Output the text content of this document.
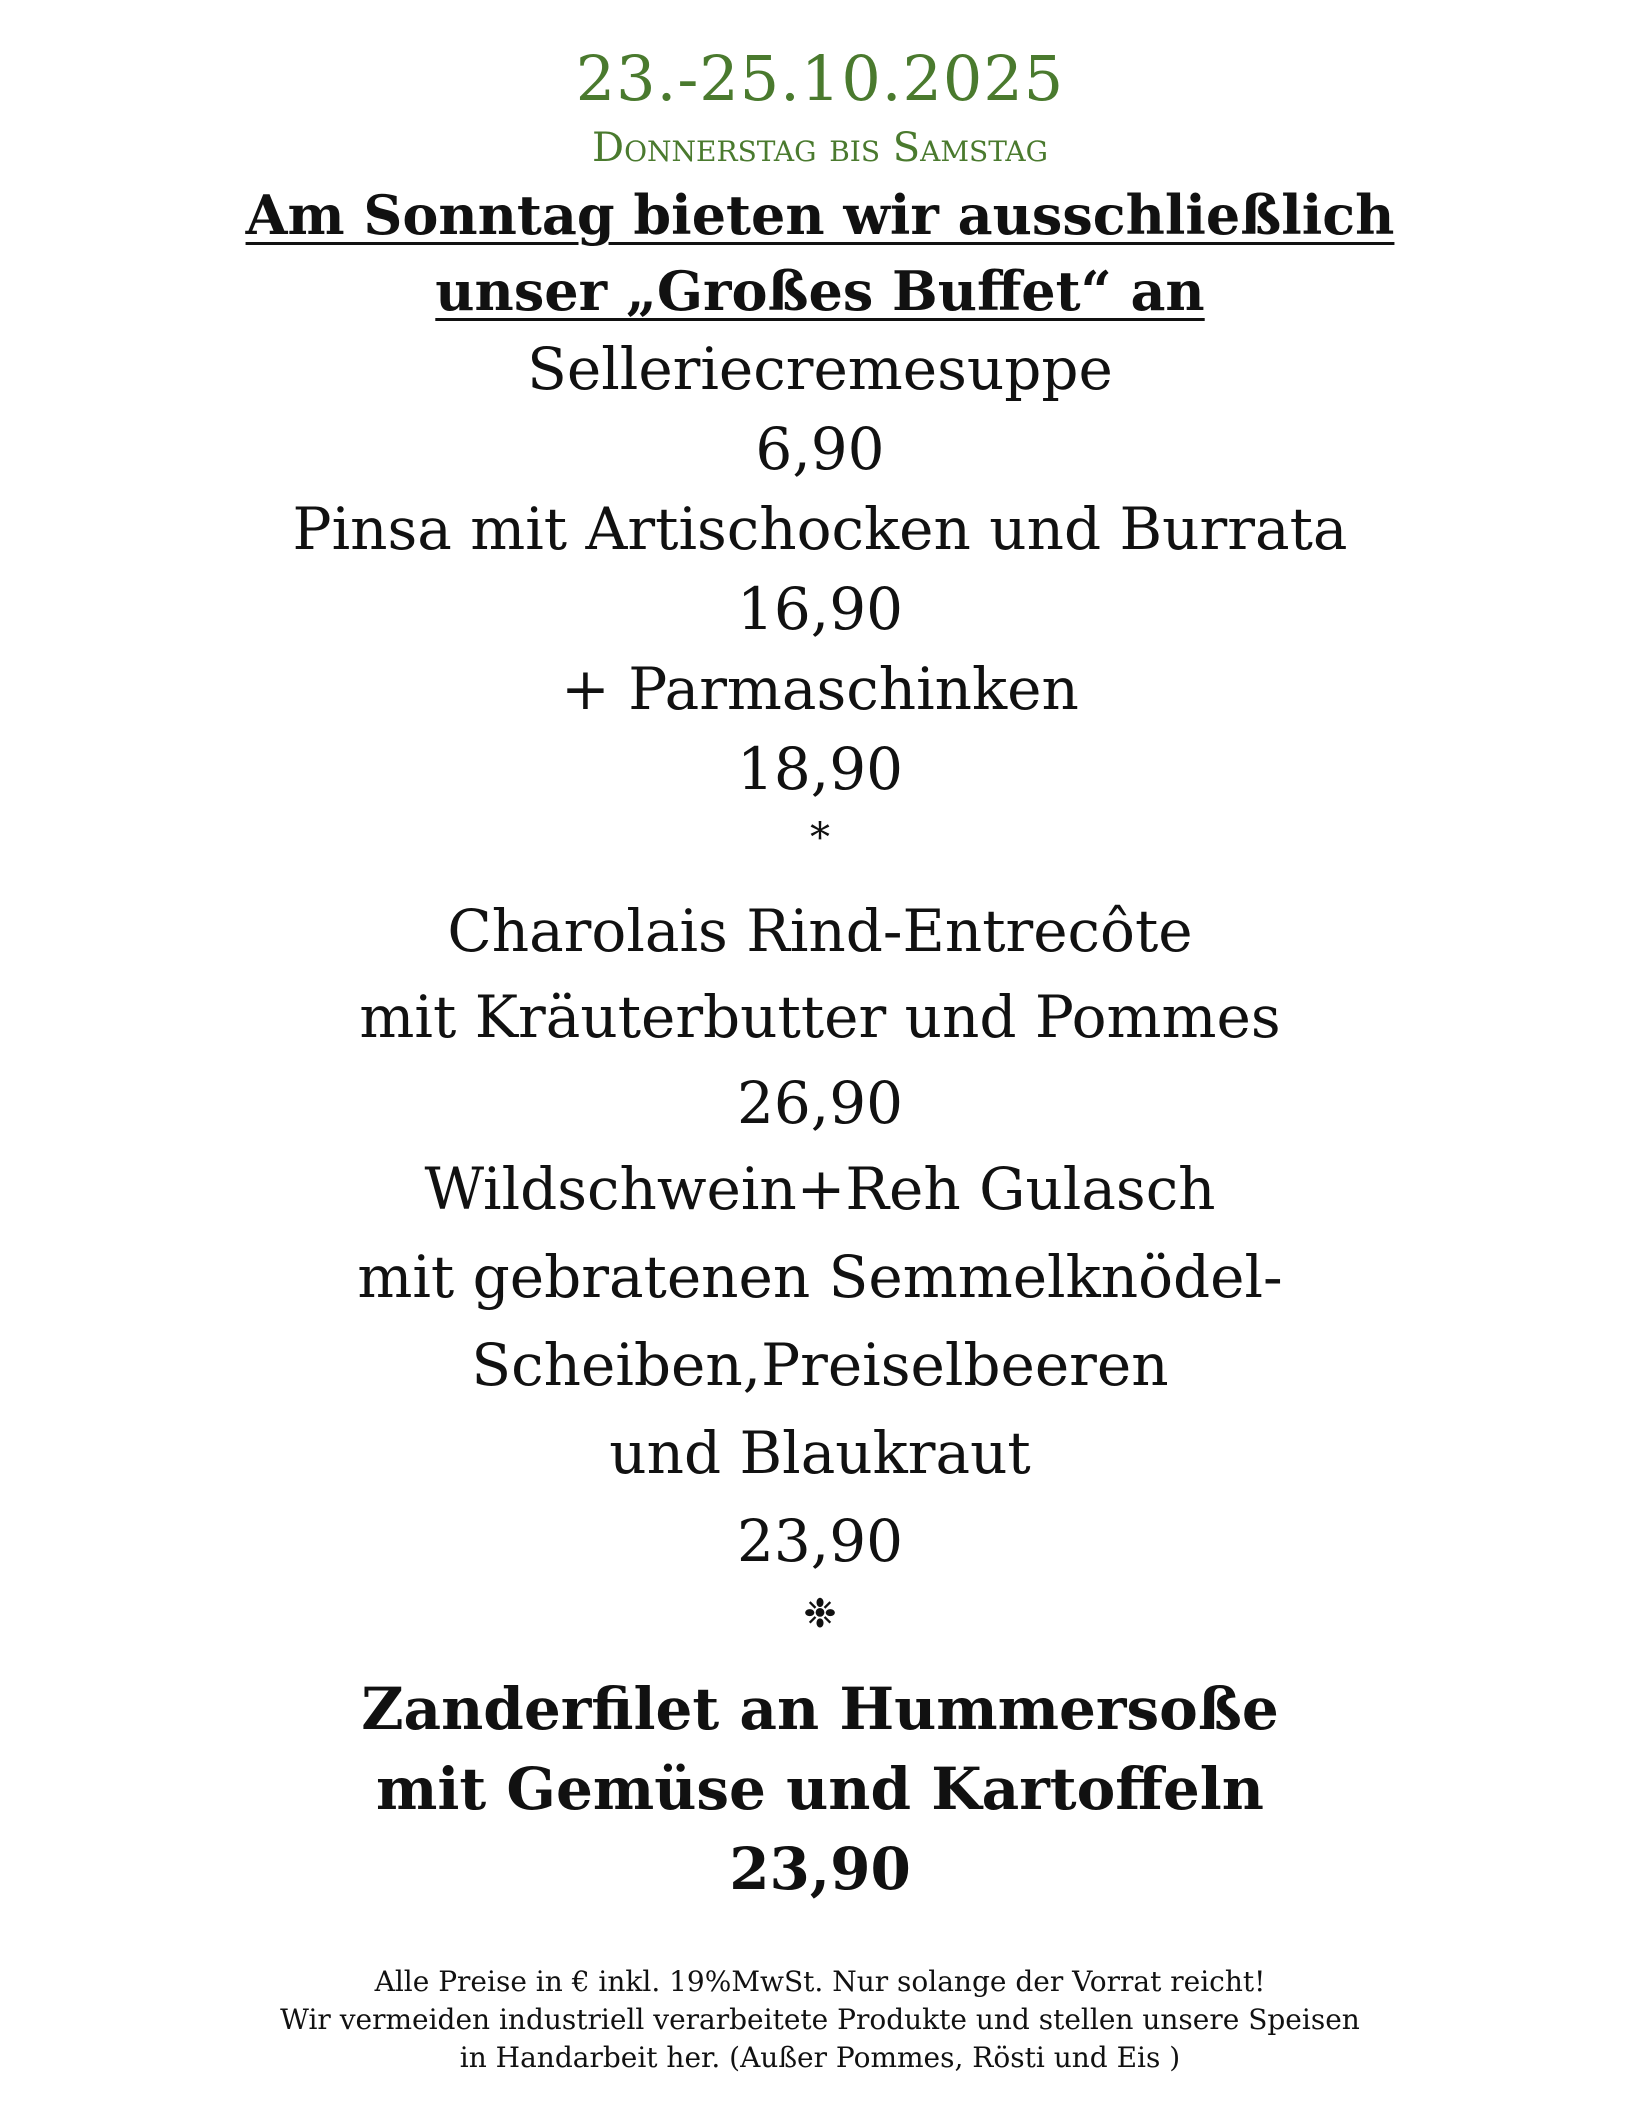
23.-25.10.2025
Donnerstag bis Samstag
Am Sonntag bieten wir ausschließlich
unser „Großes Buffet“ an
Selleriecremesuppe
6,90
Pinsa mit Artischocken und Burrata
16,90
+ Parmaschinken
18,90
*
Charolais Rind-Entrecôte
mit Kräuterbutter und Pommes
26,90
Wildschwein+Reh Gulasch
mit gebratenen Semmelknödel-
Scheiben,Preiselbeeren
und Blaukraut
23,90
❉
Zanderfilet an Hummersoße
mit Gemüse und Kartoffeln
23,90
Alle Preise in € inkl. 19%MwSt. Nur solange der Vorrat reicht!
Wir vermeiden industriell verarbeitete Produkte und stellen unsere Speisen
in Handarbeit her. (Außer Pommes, Rösti und Eis )
